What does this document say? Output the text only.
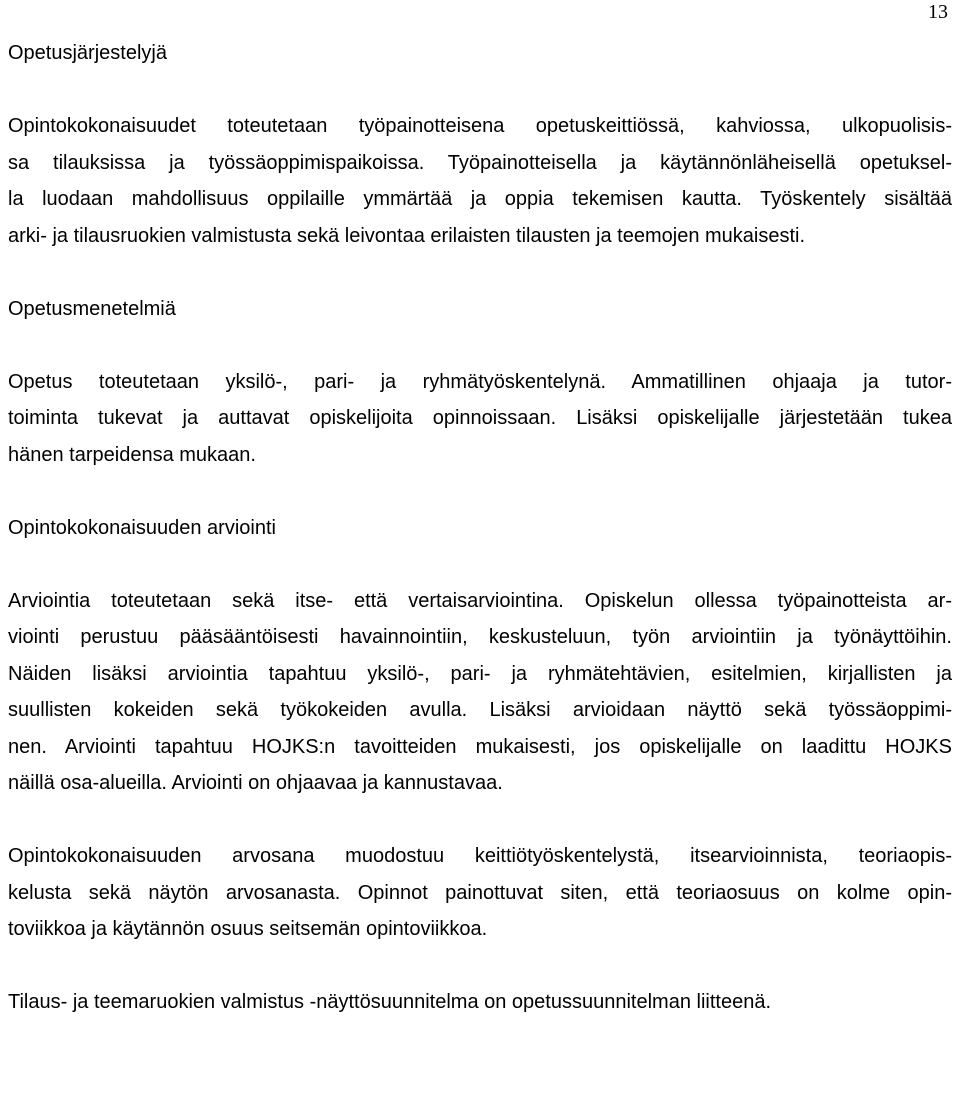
13
Opetusjärjestelyjä
Opintokokonaisuudet toteutetaan työpainotteisena opetuskeittiössä, kahviossa, ulkopuolisis-
sa tilauksissa ja työssäoppimispaikoissa. Työpainotteisella ja käytännönläheisellä opetuksel-
la luodaan mahdollisuus oppilaille ymmärtää ja oppia tekemisen kautta. Työskentely sisältää
arki- ja tilausruokien valmistusta sekä leivontaa erilaisten tilausten ja teemojen mukaisesti.
Opetusmenetelmiä
Opetus toteutetaan yksilö-, pari- ja ryhmätyöskentelynä. Ammatillinen ohjaaja ja tutor-
toiminta tukevat ja auttavat opiskelijoita opinnoissaan. Lisäksi opiskelijalle järjestetään tukea
hänen tarpeidensa mukaan.
Opintokokonaisuuden arviointi
Arviointia toteutetaan sekä itse- että vertaisarviointina. Opiskelun ollessa työpainotteista ar-
viointi perustuu pääsääntöisesti havainnointiin, keskusteluun, työn arviointiin ja työnäyttöihin.
Näiden lisäksi arviointia tapahtuu yksilö-, pari- ja ryhmätehtävien, esitelmien, kirjallisten ja
suullisten kokeiden sekä työkokeiden avulla. Lisäksi arvioidaan näyttö sekä työssäoppimi-
nen. Arviointi tapahtuu HOJKS:n tavoitteiden mukaisesti, jos opiskelijalle on laadittu HOJKS
näillä osa-alueilla. Arviointi on ohjaavaa ja kannustavaa.
Opintokokonaisuuden arvosana muodostuu keittiötyöskentelystä, itsearvioinnista, teoriaopis-
kelusta sekä näytön arvosanasta. Opinnot painottuvat siten, että teoriaosuus on kolme opin-
toviikkoa ja käytännön osuus seitsemän opintoviikkoa.
Tilaus- ja teemaruokien valmistus -näyttösuunnitelma on opetussuunnitelman liitteenä.
